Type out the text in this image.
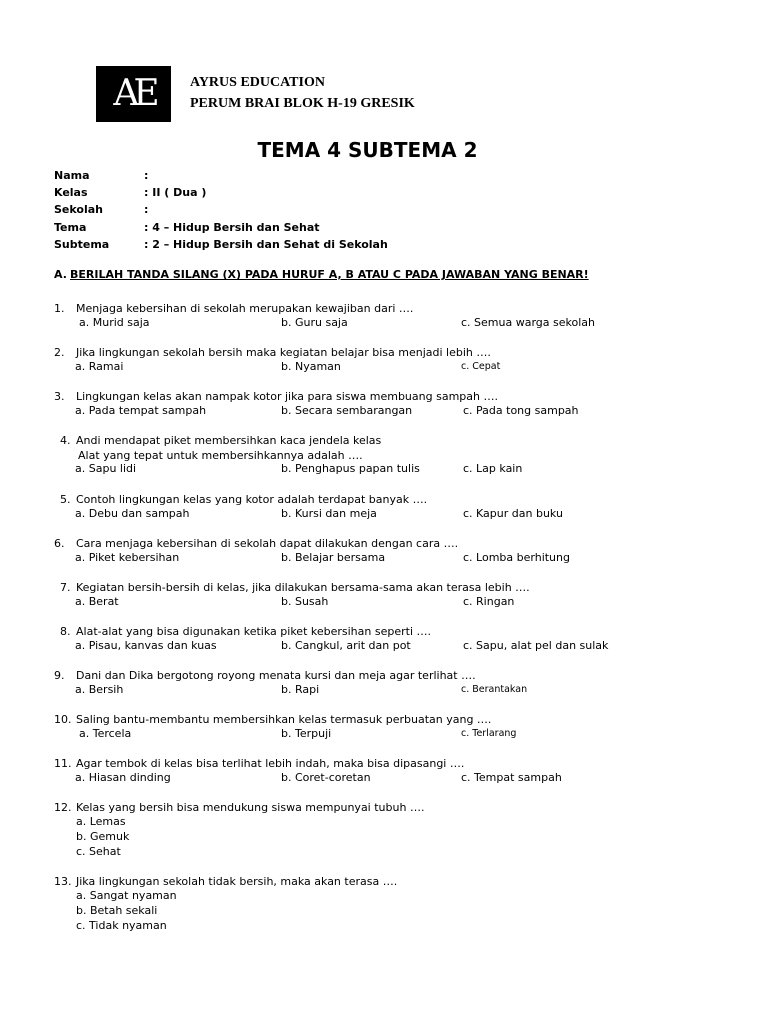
AE	AYRUS EDUCATION
PERUM BRAI BLOK H-19 GRESIK
TEMA 4 SUBTEMA 2
Nama	:
Kelas	: II ( Dua )
Sekolah	:
Tema	: 4 – Hidup Bersih dan Sehat
Subtema	: 2 – Hidup Bersih dan Sehat di Sekolah
A. BERILAH TANDA SILANG (X) PADA HURUF A, B ATAU C PADA JAWABAN YANG BENAR!
1. Menjaga kebersihan di sekolah merupakan kewajiban dari ….
a. Murid saja	b. Guru saja	c. Semua warga sekolah
2. Jika lingkungan sekolah bersih maka kegiatan belajar bisa menjadi lebih ….
a. Ramai	b. Nyaman	c. Cepat
3. Lingkungan kelas akan nampak kotor jika para siswa membuang sampah ….
a. Pada tempat sampah	b. Secara sembarangan	c. Pada tong sampah
4. Andi mendapat piket membersihkan kaca jendela kelas
Alat yang tepat untuk membersihkannya adalah ….
a. Sapu lidi	b. Penghapus papan tulis	c. Lap kain
5. Contoh lingkungan kelas yang kotor adalah terdapat banyak ….
a. Debu dan sampah	b. Kursi dan meja	c. Kapur dan buku
6. Cara menjaga kebersihan di sekolah dapat dilakukan dengan cara ….
a. Piket kebersihan	b. Belajar bersama	c. Lomba berhitung
7. Kegiatan bersih-bersih di kelas, jika dilakukan bersama-sama akan terasa lebih ….
a. Berat	b. Susah	c. Ringan
8. Alat-alat yang bisa digunakan ketika piket kebersihan seperti ….
a. Pisau, kanvas dan kuas	b. Cangkul, arit dan pot	c. Sapu, alat pel dan sulak
9. Dani dan Dika bergotong royong menata kursi dan meja agar terlihat ….
a. Bersih	b. Rapi	c. Berantakan
10. Saling bantu-membantu membersihkan kelas termasuk perbuatan yang ….
a. Tercela	b. Terpuji	c. Terlarang
11. Agar tembok di kelas bisa terlihat lebih indah, maka bisa dipasangi ….
a. Hiasan dinding	b. Coret-coretan	c. Tempat sampah
12. Kelas yang bersih bisa mendukung siswa mempunyai tubuh ….
a. Lemas
b. Gemuk
c. Sehat
13. Jika lingkungan sekolah tidak bersih, maka akan terasa ….
a. Sangat nyaman
b. Betah sekali
c. Tidak nyaman
